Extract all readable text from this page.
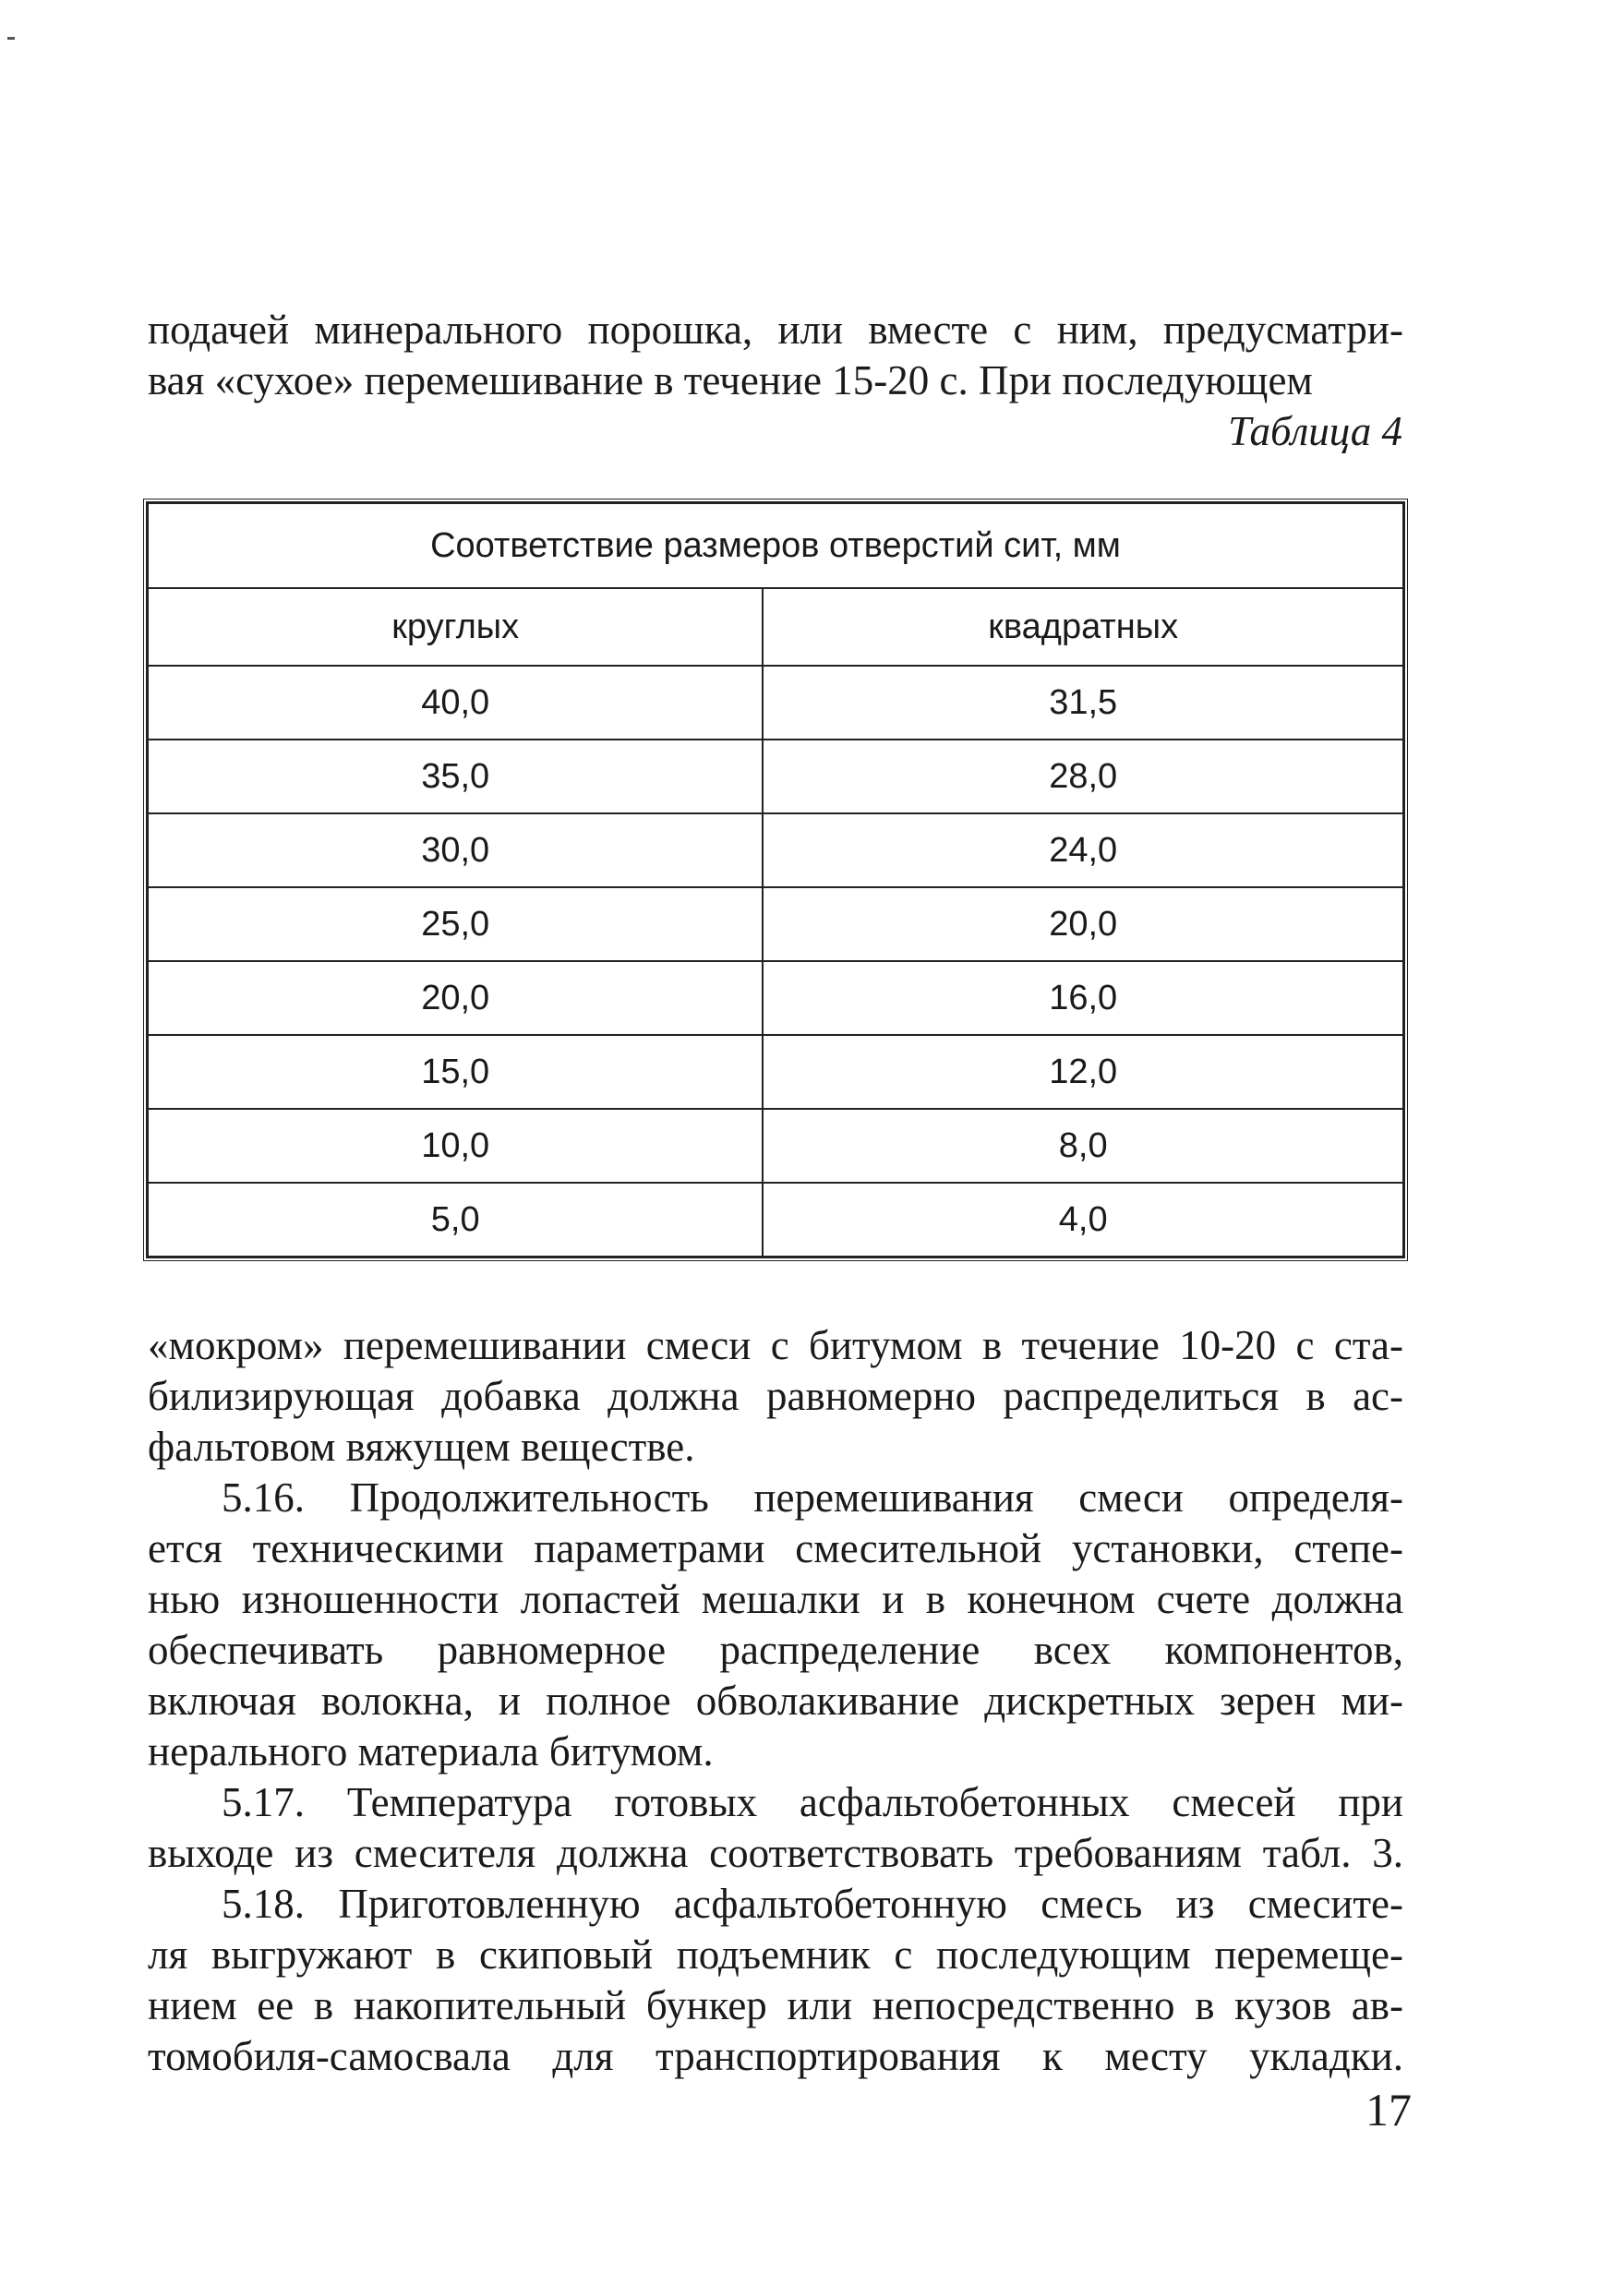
подачей минерального порошка, или вместе с ним, предусматри-
вая «сухое» перемешивание в течение 15-20 с. При последующем
Таблица 4
Соответствие размеров отверстий сит, мм	
круглых	квадратных
40,0	31,5
35,0	28,0
30,0	24,0
25,0	20,0
20,0	16,0
15,0	12,0
10,0	8,0
5,0	4,0

«мокром» перемешивании смеси с битумом в течение 10-20 с ста-
билизирующая добавка должна равномерно распределиться в ас-
фальтовом вяжущем веществе.

5.16. Продолжительность перемешивания смеси определя-
ется техническими параметрами смесительной установки, степе-
нью изношенности лопастей мешалки и в конечном счете должна
обеспечивать равномерное распределение всех компонентов,
включая волокна, и полное обволакивание дискретных зерен ми-
нерального материала битумом.

5.17. Температура готовых асфальтобетонных смесей при
выходе из смесителя должна соответствовать требованиям табл. 3.

5.18. Приготовленную асфальтобетонную смесь из смесите-
ля выгружают в скиповый подъемник с последующим перемеще-
нием ее в накопительный бункер или непосредственно в кузов ав-
томобиля-самосвала для транспортирования к месту укладки.

17
